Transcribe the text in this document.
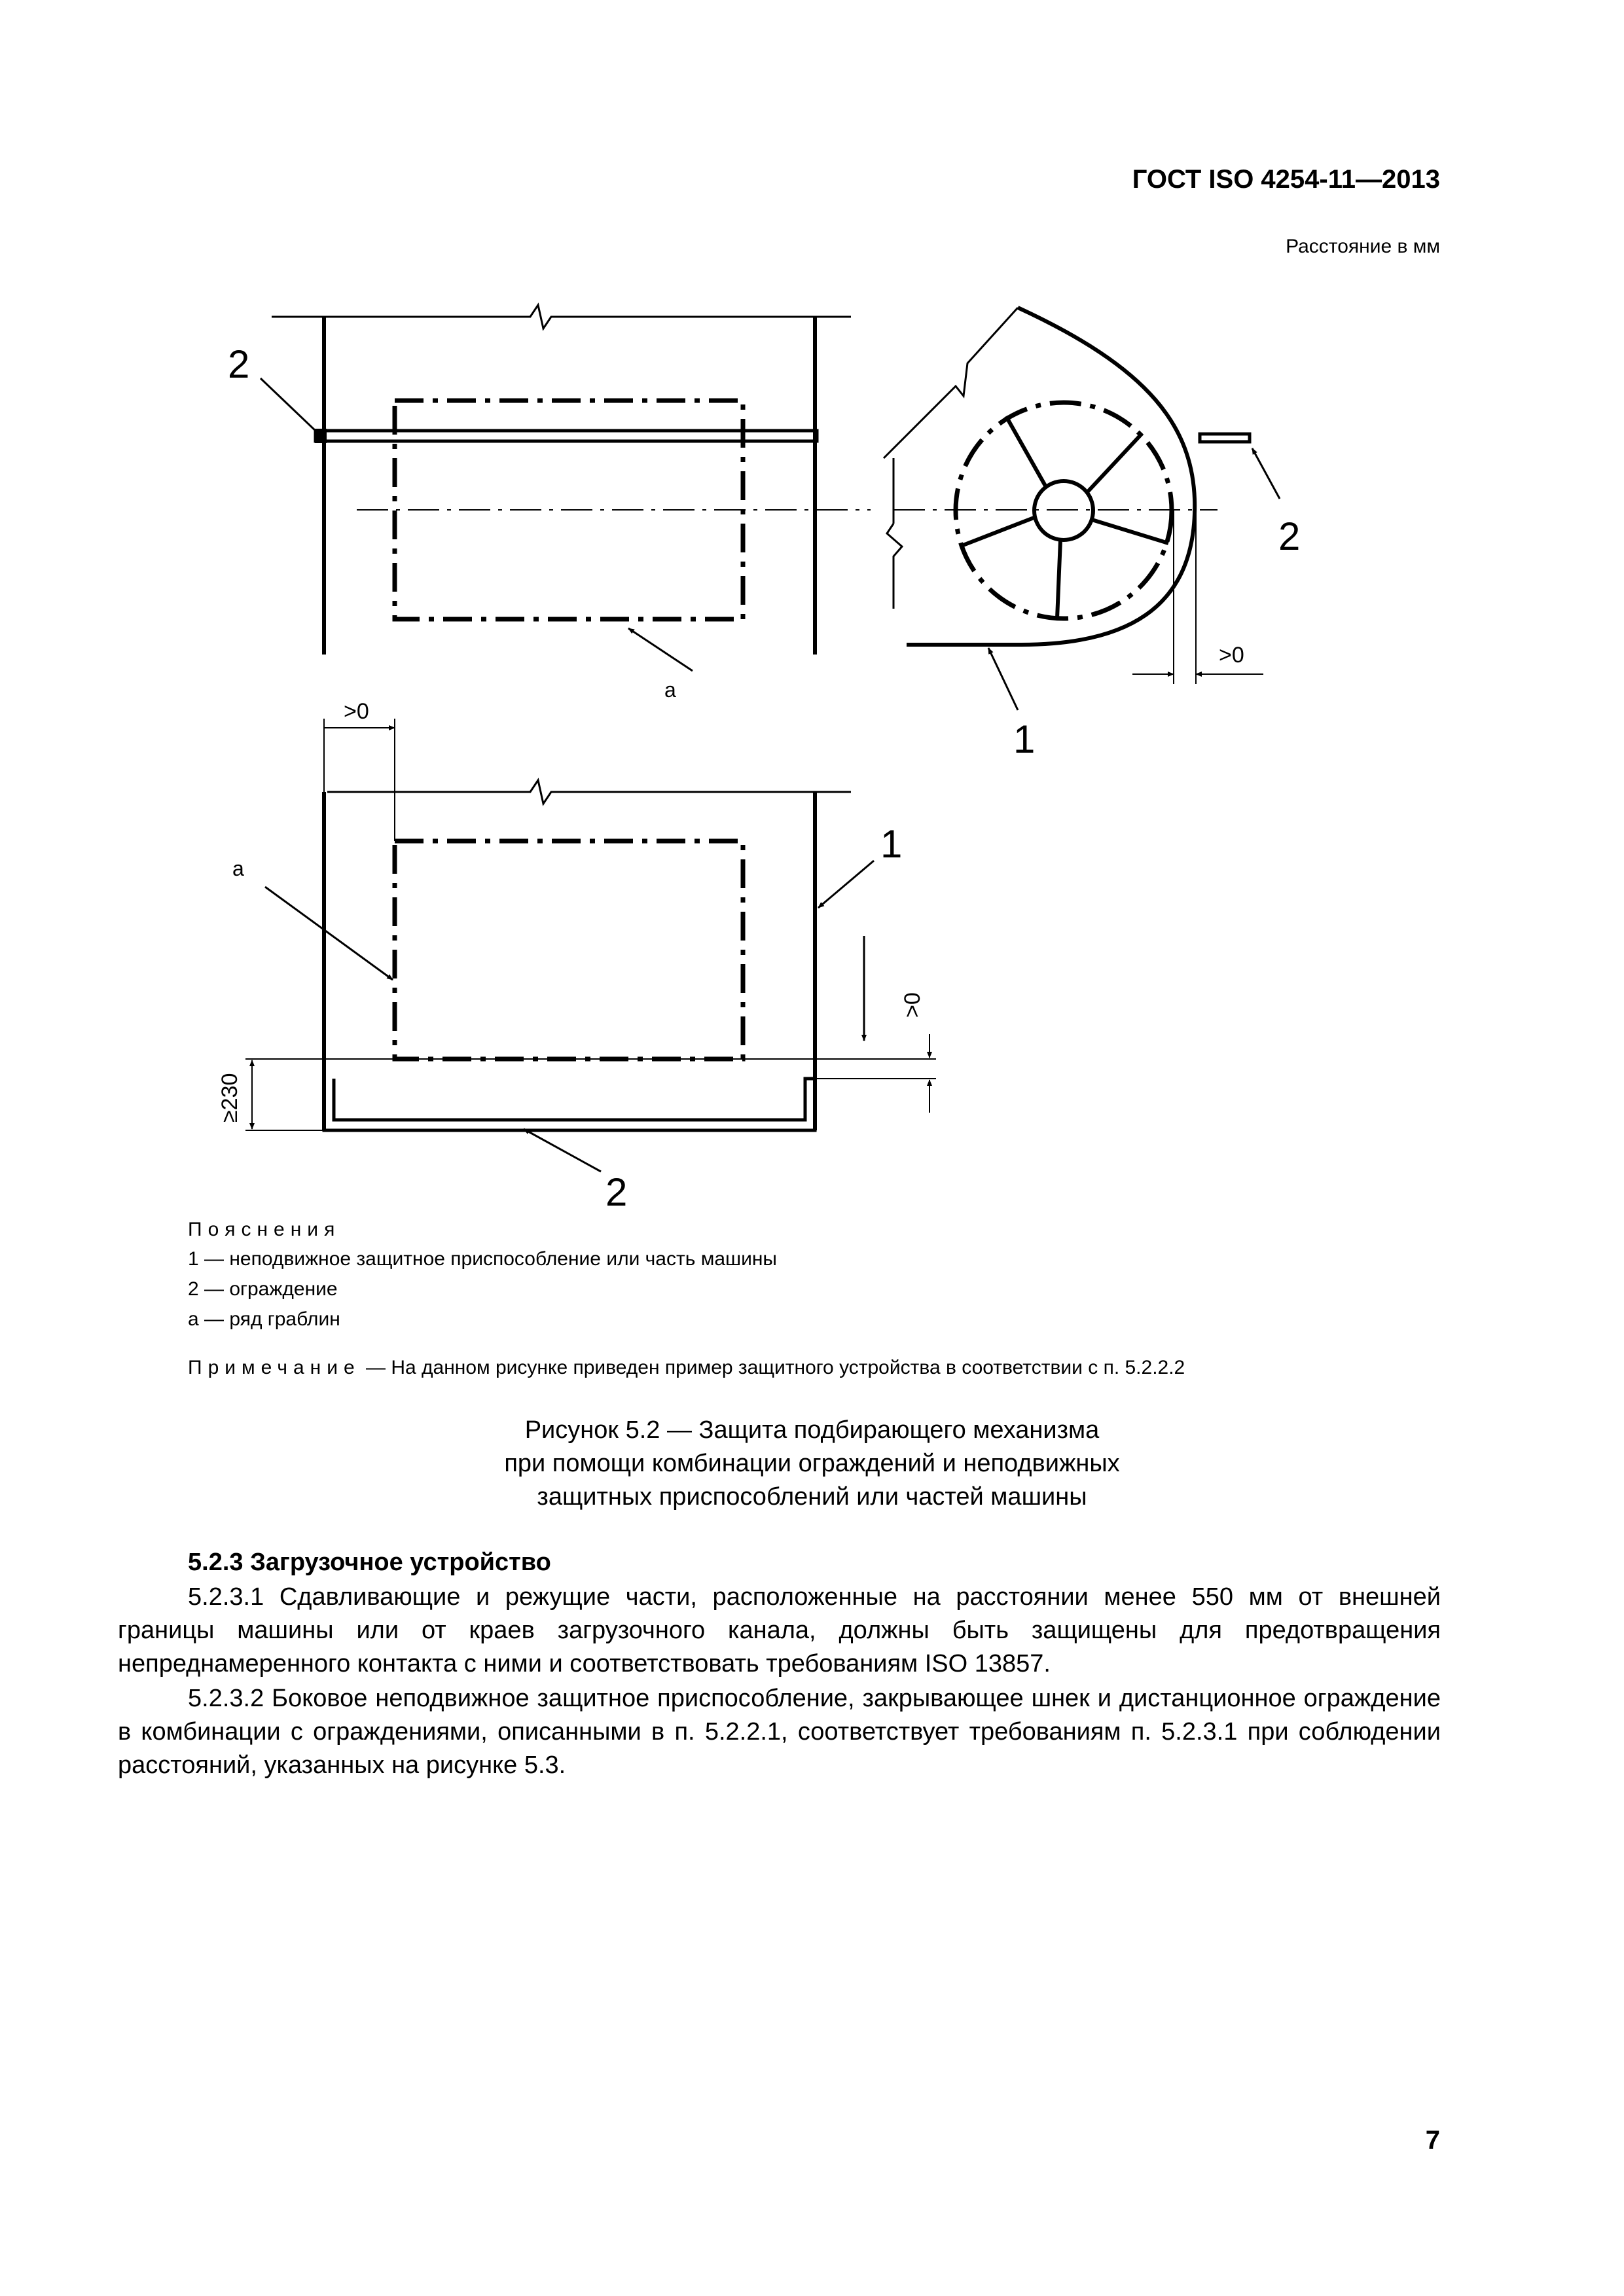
ГОСТ ISO 4254-11—2013
Расстояние в мм
2
a
1
2
>0
>0
a
1
2
≥230
>0
Пояснения
1 — неподвижное защитное приспособление или часть машины
2 — ограждение
a — ряд граблин
Примечание — На данном рисунке приведен пример защитного устройства в соответствии с п. 5.2.2.2
Рисунок 5.2 — Защита подбирающего механизма
при помощи комбинации ограждений и неподвижных
защитных приспособлений или частей машины
5.2.3 Загрузочное устройство
5.2.3.1 Сдавливающие и режущие части, расположенные на расстоянии менее 550 мм от внешней границы машины или от краев загрузочного канала, должны быть защищены для предотвращения непреднамеренного контакта с ними и соответствовать требованиям ISO 13857.
5.2.3.2 Боковое неподвижное защитное приспособление, закрывающее шнек и дистанционное ограждение в комбинации с ограждениями, описанными в п. 5.2.2.1, соответствует требованиям п. 5.2.3.1 при соблюдении расстояний, указанных на рисунке 5.3.
7
